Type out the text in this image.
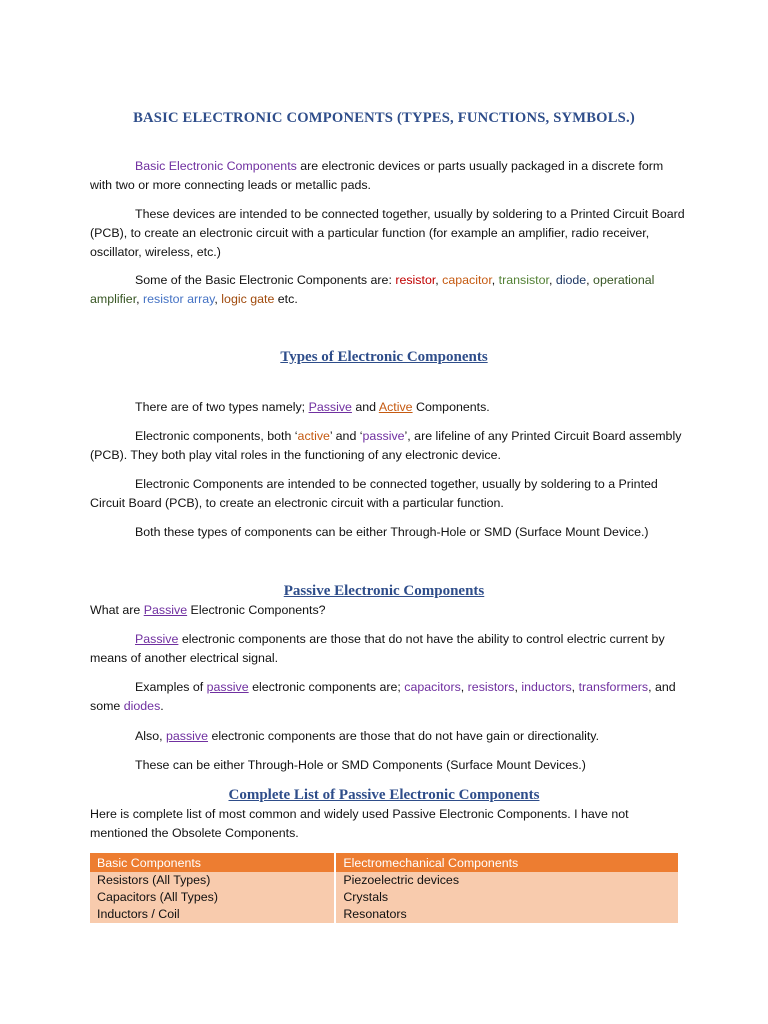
BASIC ELECTRONIC COMPONENTS (TYPES, FUNCTIONS, SYMBOLS.)

Basic Electronic Components are electronic devices or parts usually packaged in a discrete form with two or more connecting leads or metallic pads.

These devices are intended to be connected together, usually by soldering to a Printed Circuit Board (PCB), to create an electronic circuit with a particular function (for example an amplifier, radio receiver, oscillator, wireless, etc.)

Some of the Basic Electronic Components are: resistor, capacitor, transistor, diode, operational amplifier, resistor array, logic gate etc.

Types of Electronic Components

There are of two types namely; Passive and Active Components.

Electronic components, both ‘active’ and ‘passive’, are lifeline of any Printed Circuit Board assembly (PCB). They both play vital roles in the functioning of any electronic device.

Electronic Components are intended to be connected together, usually by soldering to a Printed Circuit Board (PCB), to create an electronic circuit with a particular function.

Both these types of components can be either Through-Hole or SMD (Surface Mount Device.)

Passive Electronic Components

What are Passive Electronic Components?

Passive electronic components are those that do not have the ability to control electric current by means of another electrical signal.

Examples of passive electronic components are; capacitors, resistors, inductors, transformers, and some diodes.

Also, passive electronic components are those that do not have gain or directionality.

These can be either Through-Hole or SMD Components (Surface Mount Devices.)

Complete List of Passive Electronic Components

Here is complete list of most common and widely used Passive Electronic Components. I have not mentioned the Obsolete Components.

Basic Components	Electromechanical Components
Resistors (All Types)	Piezoelectric devices
Capacitors (All Types)	Crystals
Inductors / Coil	Resonators
